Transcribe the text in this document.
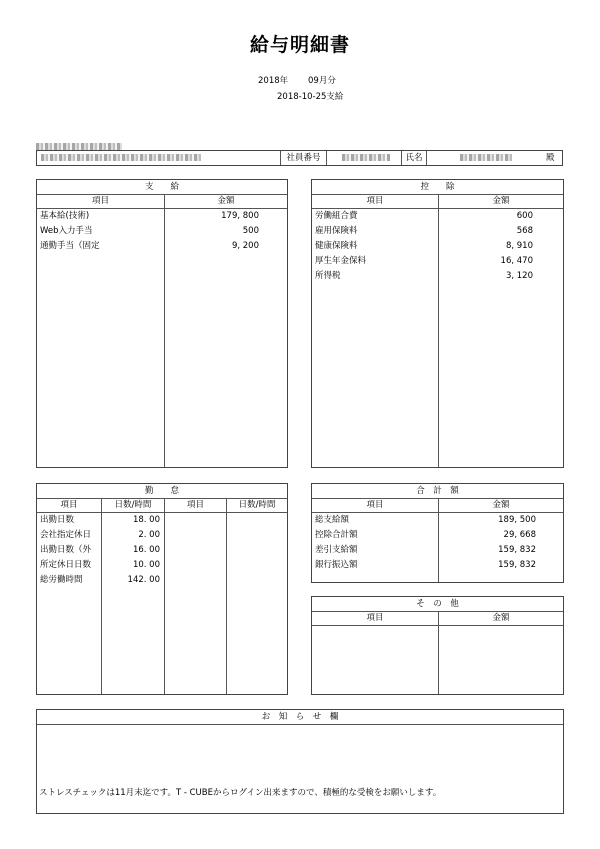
給与明細書
2018年 09月分
2018-10-25支給
社員番号	氏名	殿
支　　給
項目	金額
基本給(技術)	179, 800
Web入力手当	500
通勤手当（固定	9, 200
控　　除
項目	金額
労働組合費	600
雇用保険料	568
健康保険料	8, 910
厚生年金保料	16, 470
所得税	3, 120
勤　　怠
項目	日数/時間	項目	日数/時間
出勤日数	18. 00
会社指定休日	2. 00
出勤日数（外	16. 00
所定休日日数	10. 00
総労働時間	142. 00
合　計　額
項目	金額
総支給額	189, 500
控除合計額	29, 668
差引支給額	159, 832
銀行振込額	159, 832
そ　の　他
項目	金額
お　知　ら　せ　欄
ストレスチェックは11月末迄です。T - CUBEからログイン出来ますので、積極的な受検をお願いします。
